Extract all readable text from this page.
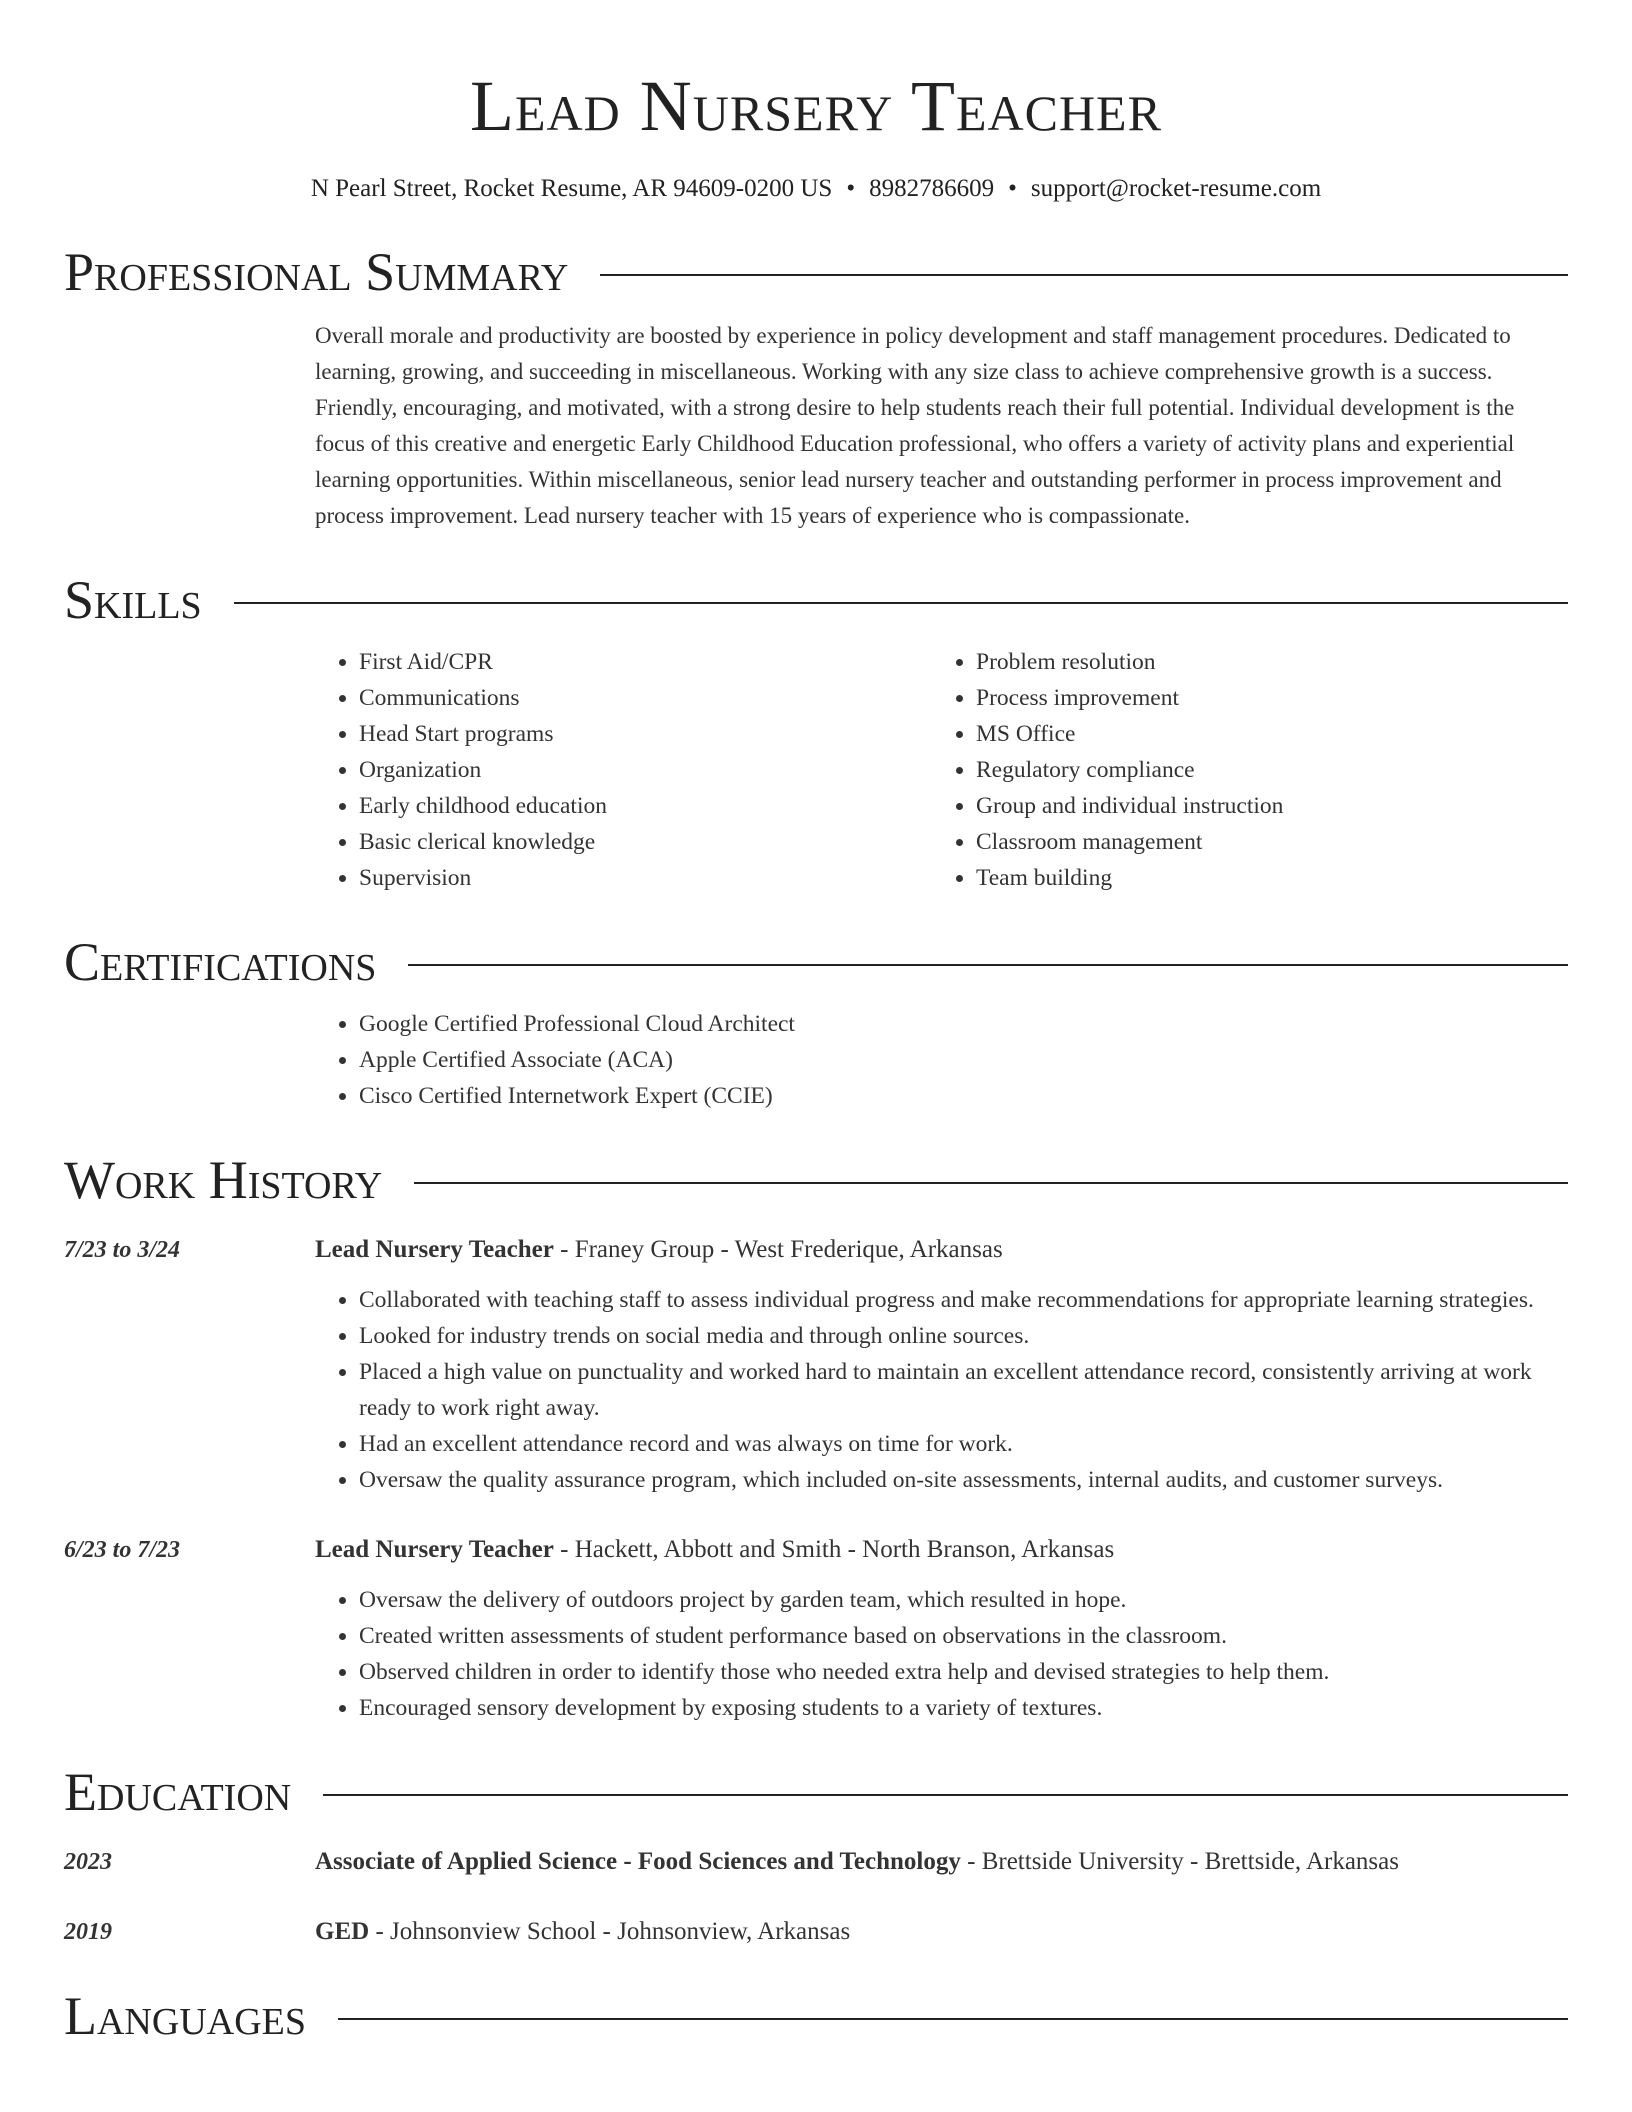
Lead Nursery Teacher
N Pearl Street, Rocket Resume, AR 94609-0200 US • 8982786609 • support@rocket-resume.com
Professional Summary

Overall morale and productivity are boosted by experience in policy development and staff management procedures. Dedicated to learning, growing, and succeeding in miscellaneous. Working with any size class to achieve comprehensive growth is a success. Friendly, encouraging, and motivated, with a strong desire to help students reach their full potential. Individual development is the focus of this creative and energetic Early Childhood Education professional, who offers a variety of activity plans and experiential learning opportunities. Within miscellaneous, senior lead nursery teacher and outstanding performer in process improvement and process improvement. Lead nursery teacher with 15 years of experience who is compassionate.

Skills
• First Aid/CPR
• Communications
• Head Start programs
• Organization
• Early childhood education
• Basic clerical knowledge
• Supervision
• Problem resolution
• Process improvement
• MS Office
• Regulatory compliance
• Group and individual instruction
• Classroom management
• Team building
Certifications
• Google Certified Professional Cloud Architect
• Apple Certified Associate (ACA)
• Cisco Certified Internetwork Expert (CCIE)
Work History
7/23 to 3/24	Lead Nursery Teacher - Franey Group - West Frederique, Arkansas
• Collaborated with teaching staff to assess individual progress and make recommendations for appropriate learning strategies.
• Looked for industry trends on social media and through online sources.
• Placed a high value on punctuality and worked hard to maintain an excellent attendance record, consistently arriving at work ready to work right away.
• Had an excellent attendance record and was always on time for work.
• Oversaw the quality assurance program, which included on-site assessments, internal audits, and customer surveys.
6/23 to 7/23	Lead Nursery Teacher - Hackett, Abbott and Smith - North Branson, Arkansas
• Oversaw the delivery of outdoors project by garden team, which resulted in hope.
• Created written assessments of student performance based on observations in the classroom.
• Observed children in order to identify those who needed extra help and devised strategies to help them.
• Encouraged sensory development by exposing students to a variety of textures.
Education
2023	Associate of Applied Science - Food Sciences and Technology - Brettside University - Brettside, Arkansas
2019	GED - Johnsonview School - Johnsonview, Arkansas
Languages
